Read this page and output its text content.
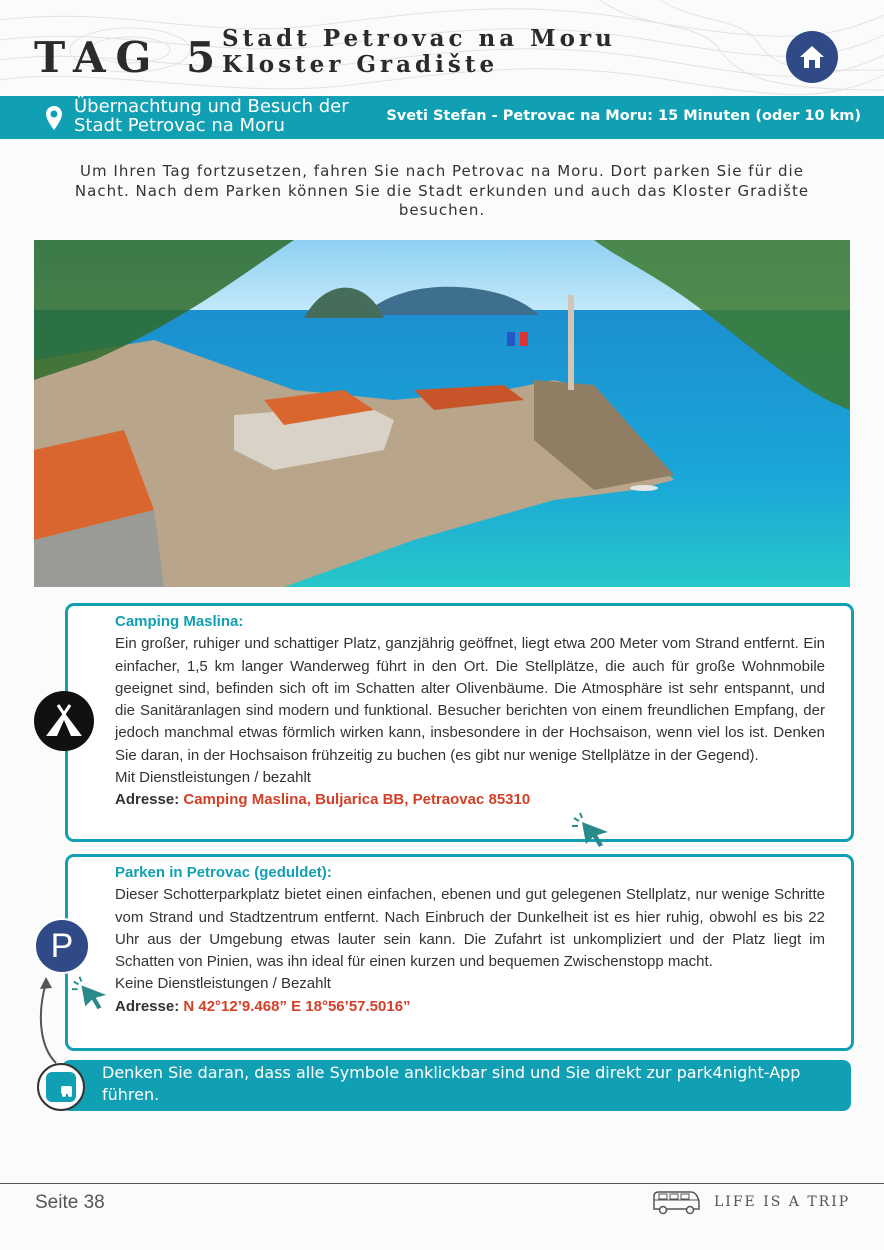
TAG 5
Stadt Petrovac na Moru
Kloster Gradište
Übernachtung und Besuch der
Stadt Petrovac na Moru	Sveti Stefan - Petrovac na Moru: 15 Minuten (oder 10 km)
Um Ihren Tag fortzusetzen, fahren Sie nach Petrovac na Moru. Dort parken Sie für die Nacht. Nach dem Parken können Sie die Stadt erkunden und auch das Kloster Gradište besuchen.
Camping Maslina:
Ein großer, ruhiger und schattiger Platz, ganzjährig geöffnet, liegt etwa 200 Meter vom Strand entfernt. Ein einfacher, 1,5 km langer Wanderweg führt in den Ort. Die Stellplätze, die auch für große Wohnmobile geeignet sind, befinden sich oft im Schatten alter Olivenbäume. Die Atmosphäre ist sehr entspannt, und die Sanitäranlagen sind modern und funktional. Besucher berichten von einem freundlichen Empfang, der jedoch manchmal etwas förmlich wirken kann, insbesondere in der Hochsaison, wenn viel los ist. Denken Sie daran, in der Hochsaison frühzeitig zu buchen (es gibt nur wenige Stellplätze in der Gegend).
Mit Dienstleistungen / bezahlt
Adresse: Camping Maslina, Buljarica BB, Petraovac 85310
Parken in Petrovac (geduldet):
Dieser Schotterparkplatz bietet einen einfachen, ebenen und gut gelegenen Stellplatz, nur wenige Schritte vom Strand und Stadtzentrum entfernt. Nach Einbruch der Dunkelheit ist es hier ruhig, obwohl es bis 22 Uhr aus der Umgebung etwas lauter sein kann. Die Zufahrt ist unkompliziert und der Platz liegt im Schatten von Pinien, was ihn ideal für einen kurzen und bequemen Zwischenstopp macht.
Keine Dienstleistungen / Bezahlt
Adresse: N 42°12’9.468” E 18°56’57.5016”
P
Denken Sie daran, dass alle Symbole anklickbar sind und Sie direkt zur park4night-App führen.
Seite 38	LIFE IS A TRIP
